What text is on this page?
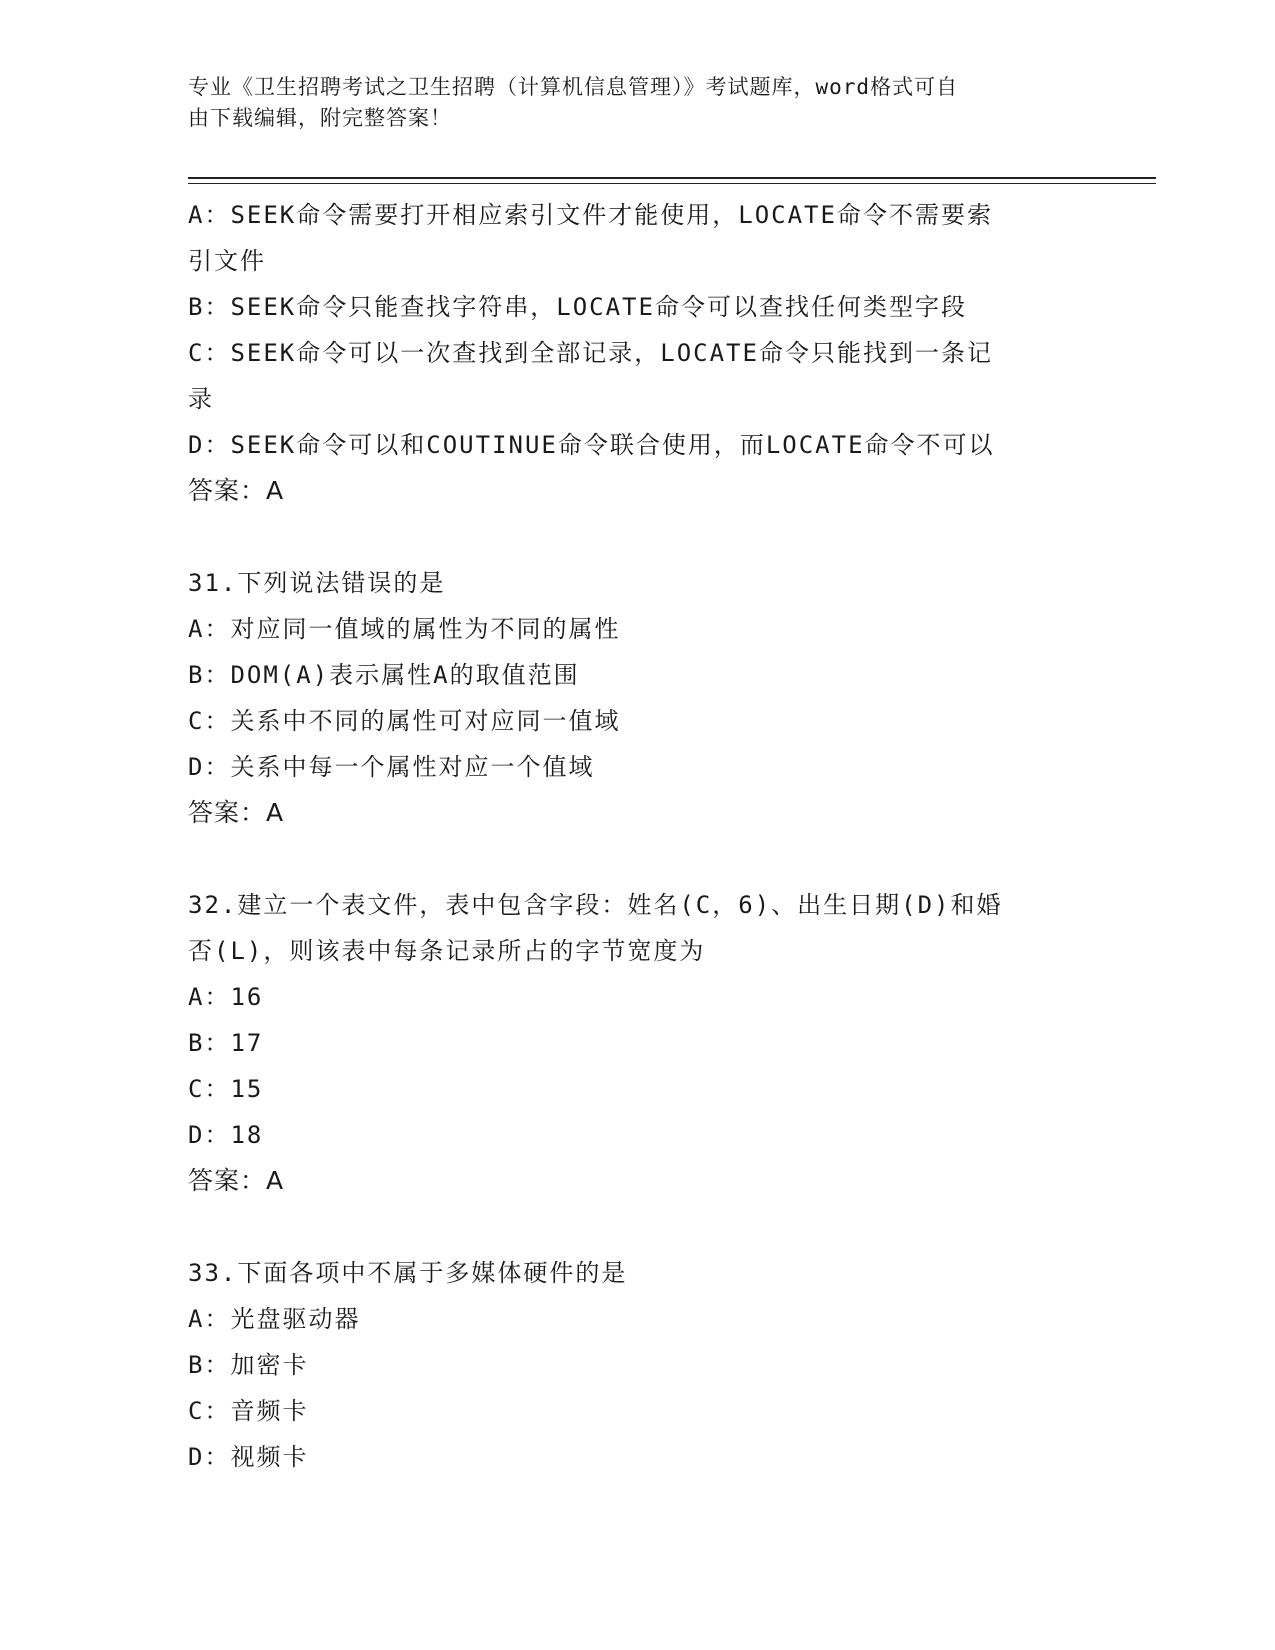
专业《卫生招聘考试之卫生招聘（计算机信息管理）》考试题库，word格式可自
由下载编辑，附完整答案！
A：SEEK命令需要打开相应索引文件才能使用，LOCATE命令不需要索
引文件
B：SEEK命令只能查找字符串，LOCATE命令可以查找任何类型字段
C：SEEK命令可以一次查找到全部记录，LOCATE命令只能找到一条记
录
D：SEEK命令可以和COUTINUE命令联合使用，而LOCATE命令不可以
答案：A
31.下列说法错误的是
A：对应同一值域的属性为不同的属性
B：DOM(A)表示属性A的取值范围
C：关系中不同的属性可对应同一值域
D：关系中每一个属性对应一个值域
答案：A
32.建立一个表文件，表中包含字段：姓名(C，6)、出生日期(D)和婚
否(L)，则该表中每条记录所占的字节宽度为
A：16
B：17
C：15
D：18
答案：A
33.下面各项中不属于多媒体硬件的是
A：光盘驱动器
B：加密卡
C：音频卡
D：视频卡
